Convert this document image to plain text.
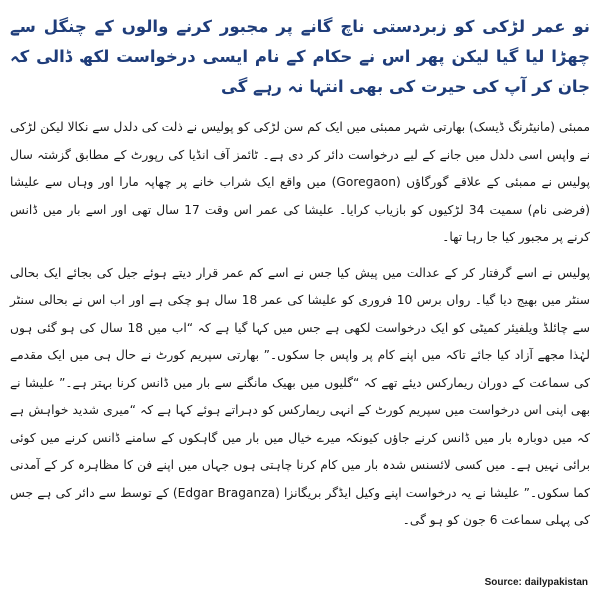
نو عمر لڑکی کو زبردستی ناچ گانے پر مجبور کرنے والوں کے چنگل سے چھڑا لیا گیا لیکن پھر اس نے حکام کے نام ایسی درخواست لکھ ڈالی کہ جان کر آپ کی حیرت کی بھی انتہا نہ رہے گی

ممبئی (مانیٹرنگ ڈیسک) بھارتی شہر ممبئی میں ایک کم سن لڑکی کو پولیس نے ذلت کی دلدل سے نکالا لیکن لڑکی نے واپس اسی دلدل میں جانے کے لیے درخواست دائر کر دی ہے۔ ٹائمز آف انڈیا کی رپورٹ کے مطابق گزشتہ سال پولیس نے ممبئی کے علاقے گورگاؤں (Goregaon) میں واقع ایک شراب خانے پر چھاپہ مارا اور وہاں سے علیشا (فرضی نام) سمیت 34 لڑکیوں کو بازیاب کرایا۔ علیشا کی عمر اس وقت 17 سال تھی اور اسے بار میں ڈانس کرنے پر مجبور کیا جا رہا تھا۔

پولیس نے اسے گرفتار کر کے عدالت میں پیش کیا جس نے اسے کم عمر قرار دیتے ہوئے جیل کی بجائے ایک بحالی سنٹر میں بھیج دیا گیا۔ رواں برس 10 فروری کو علیشا کی عمر 18 سال ہو چکی ہے اور اب اس نے بحالی سنٹر سے چائلڈ ویلفیئر کمیٹی کو ایک درخواست لکھی ہے جس میں کہا گیا ہے کہ “اب میں 18 سال کی ہو گئی ہوں لہٰذا مجھے آزاد کیا جائے تاکہ میں اپنے کام پر واپس جا سکوں۔” بھارتی سپریم کورٹ نے حال ہی میں ایک مقدمے کی سماعت کے دوران ریمارکس دیئے تھے کہ “گلیوں میں بھیک مانگنے سے بار میں ڈانس کرنا بہتر ہے۔” علیشا نے بھی اپنی اس درخواست میں سپریم کورٹ کے انہی ریمارکس کو دہراتے ہوئے کہا ہے کہ “میری شدید خواہش ہے کہ میں دوبارہ بار میں ڈانس کرنے جاؤں کیونکہ میرے خیال میں بار میں گاہکوں کے سامنے ڈانس کرنے میں کوئی برائی نہیں ہے۔ میں کسی لائسنس شدہ بار میں کام کرنا چاہتی ہوں جہاں میں اپنے فن کا مظاہرہ کر کے آمدنی کما سکوں۔” علیشا نے یہ درخواست اپنے وکیل ایڈگر بریگانزا (Edgar Braganza) کے توسط سے دائر کی ہے جس کی پہلی سماعت 6 جون کو ہو گی۔

Source: dailypakistan
